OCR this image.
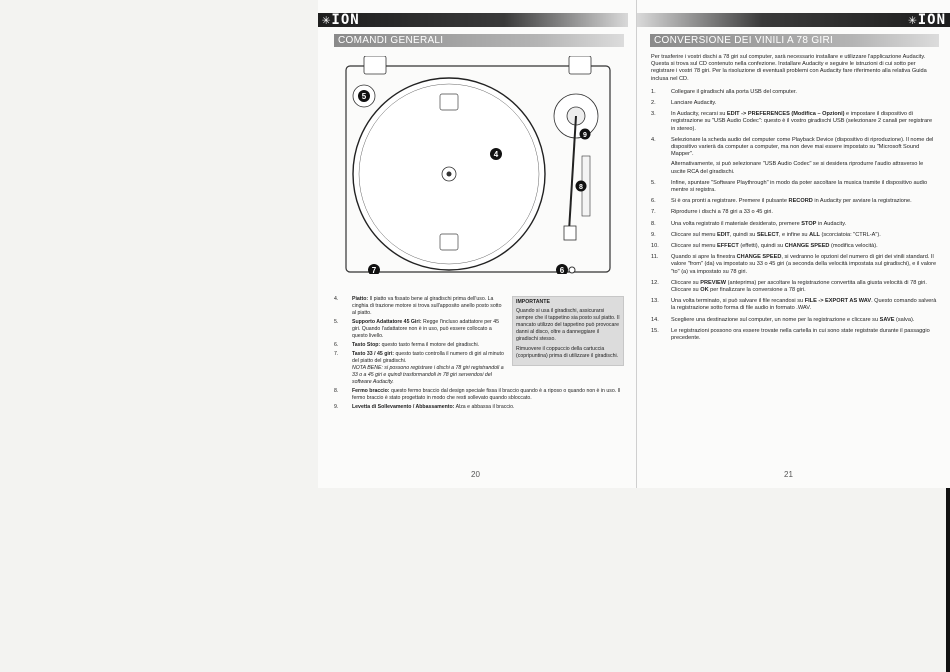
✳ION
COMANDI GENERALI
5
4
9
8
7	6
4.	Piatto: Il piatto va fissato bene al giradischi prima dell'uso. La cinghia di trazione motore si trova sull'apposito anello posto sotto al piatto.
5.	Supporto Adattatore 45 Giri: Regge l'incluso adattatore per 45 giri. Quando l'adattatore non è in uso, può essere collocato a questo livello.
6.	Tasto Stop: questo tasto ferma il motore del giradischi.
7.	Tasto 33 / 45 giri: questo tasto controlla il numero di giri al minuto del piatto del giradischi.
NOTA BENE: si possono registrare i dischi a 78 giri registrandoli a 33 o a 45 giri e quindi trasformandoli in 78 giri servendosi del software Audacity.
IMPORTANTE

Quando si usa il giradischi, assicurarsi sempre che il tappetino sia posto sul piatto. Il mancato utilizzo del tappetino può provocare danni al disco, oltre a danneggiare il giradischi stesso.

Rimuovere il coppuccio della cartuccia (copripuntina) prima di utilizzare il giradischi.

8.	Fermo braccio: questo fermo braccio dal design speciale fissa il braccio quando è a riposo o quando non è in uso. Il fermo braccio è stato progettato in modo che resti sollevato quando sbloccato.
9.	Levetta di Sollevamento / Abbassamento: Alza e abbassa il braccio.
20
✳ION
CONVERSIONE DEI VINILI A 78 GIRI

Per trasferire i vostri dischi a 78 giri sul computer, sarà necessario installare e utilizzare l'applicazione Audacity. Questa si trova sul CD contenuto nella confezione. Installare Audacity e seguire le istruzioni di cui sotto per registrare i vostri 78 giri. Per la risoluzione di eventuali problemi con Audacity fare riferimento alla relativa Guida inclusa nel CD.

1.	Collegare il giradischi alla porta USB del computer.
2.	Lanciare Audacity.
3.	In Audacity, recarsi su EDIT -> PREFERENCES (Modifica – Opzioni) e impostare il dispositivo di registrazione su "USB Audio Codec": questo è il vostro giradischi USB (selezionare 2 canali per registrare in stereo).
4.	Selezionare la scheda audio del computer come Playback Device (dispositivo di riproduzione). Il nome del dispositivo varierà da computer a computer, ma non deve mai essere impostato su "Microsoft Sound Mapper".
Alternativamente, si può selezionare "USB Audio Codec" se si desidera riprodurre l'audio attraverso le uscite RCA del giradischi.
5.	Infine, spuntare "Software Playthrough" in modo da poter ascoltare la musica tramite il dispositivo audio mentre si registra.
6.	Si è ora pronti a registrare. Premere il pulsante RECORD in Audacity per avviare la registrazione.
7.	Riprodurre i dischi a 78 giri a 33 o 45 giri.
8.	Una volta registrato il materiale desiderato, premere STOP in Audacity.
9.	Cliccare sul menu EDIT, quindi su SELECT, e infine su ALL (scorciatoia: "CTRL-A").
10. Cliccare sul menu EFFECT (effetti), quindi su CHANGE SPEED (modifica velocità).
11. Quando si apre la finestra CHANGE SPEED, si vedranno le opzioni del numero di giri dei vinili standard. Il valore "from" (da) va impostato su 33 o 45 giri (a seconda della velocità impostata sul giradischi), e il valore "to" (a) va impostato su 78 giri.
12. Cliccare su PREVIEW (anteprima) per ascoltare la registrazione convertita alla giusta velocità di 78 giri. Cliccare su OK per finalizzare la conversione a 78 giri.
13. Una volta terminato, si può salvare il file recandosi su FILE -> EXPORT AS WAV. Questo comando salverà la registrazione sotto forma di file audio in formato .WAV.
14. Scegliere una destinazione sul computer, un nome per la registrazione e cliccare su SAVE (salva).
15. Le registrazioni possono ora essere trovate nella cartella in cui sono state registrate durante il passaggio precedente.
21
